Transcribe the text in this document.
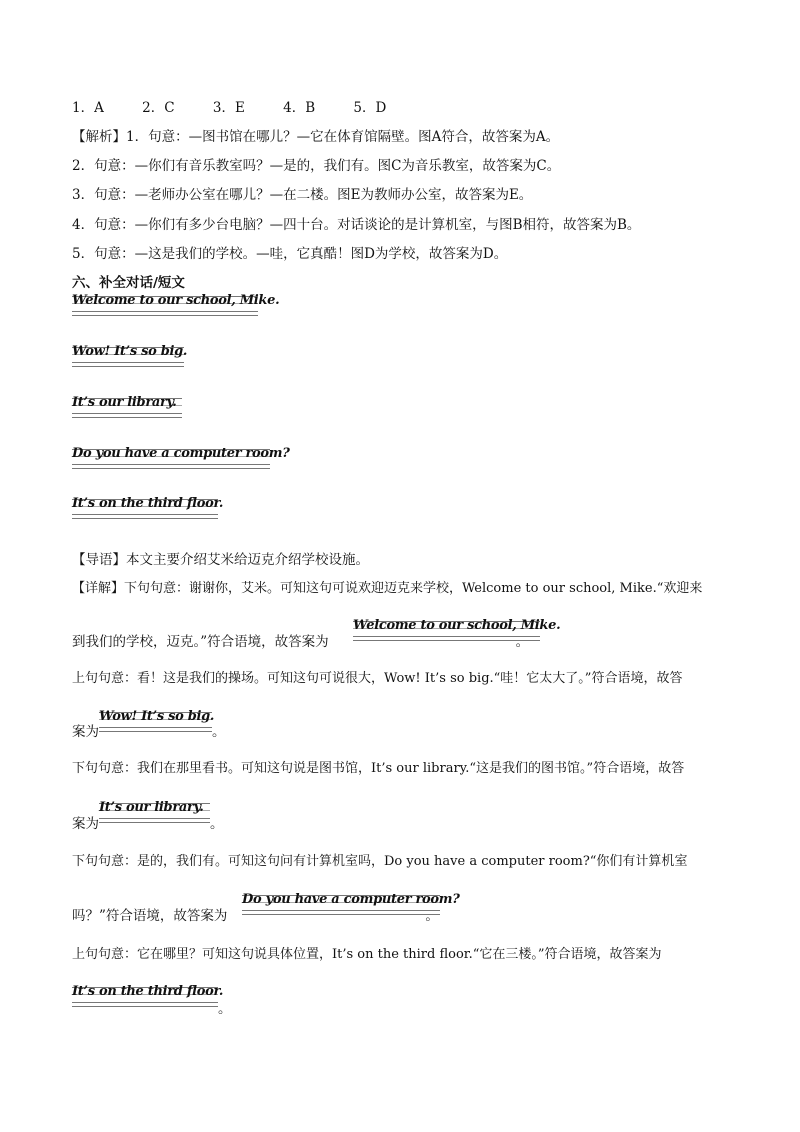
1．A	2．C	3．E	4．B	5．D
【解析】1．句意：—图书馆在哪儿？—它在体育馆隔壁。图A符合，故答案为A。
2．句意：—你们有音乐教室吗？—是的，我们有。图C为音乐教室，故答案为C。
3．句意：—老师办公室在哪儿？—在二楼。图E为教师办公室，故答案为E。
4．句意：—你们有多少台电脑？—四十台。对话谈论的是计算机室，与图B相符，故答案为B。
5．句意：—这是我们的学校。—哇，它真酷！图D为学校，故答案为D。
六、补全对话/短文
Welcome to our school, Mike.
Wow! It’s so big.
It’s our library.
Do you have a computer room?
It’s on the third floor.
【导语】本文主要介绍艾米给迈克介绍学校设施。
【详解】下句句意：谢谢你，艾米。可知这句可说欢迎迈克来学校，Welcome to our school, Mike.“欢迎来
到我们的学校，迈克。”符合语境，故答案为	。
Welcome to our school, Mike.
上句句意：看！这是我们的操场。可知这句可说很大，Wow! It’s so big.“哇！它太大了。”符合语境，故答
案为	。
Wow! It’s so big.
下句句意：我们在那里看书。可知这句说是图书馆，It’s our library.“这是我们的图书馆。”符合语境，故答
案为	。
It’s our library.
下句句意：是的，我们有。可知这句问有计算机室吗，Do you have a computer room?“你们有计算机室
吗？”符合语境，故答案为	。
Do you have a computer room?
上句句意：它在哪里？可知这句说具体位置，It’s on the third floor.“它在三楼。”符合语境，故答案为
It’s on the third floor.
。
